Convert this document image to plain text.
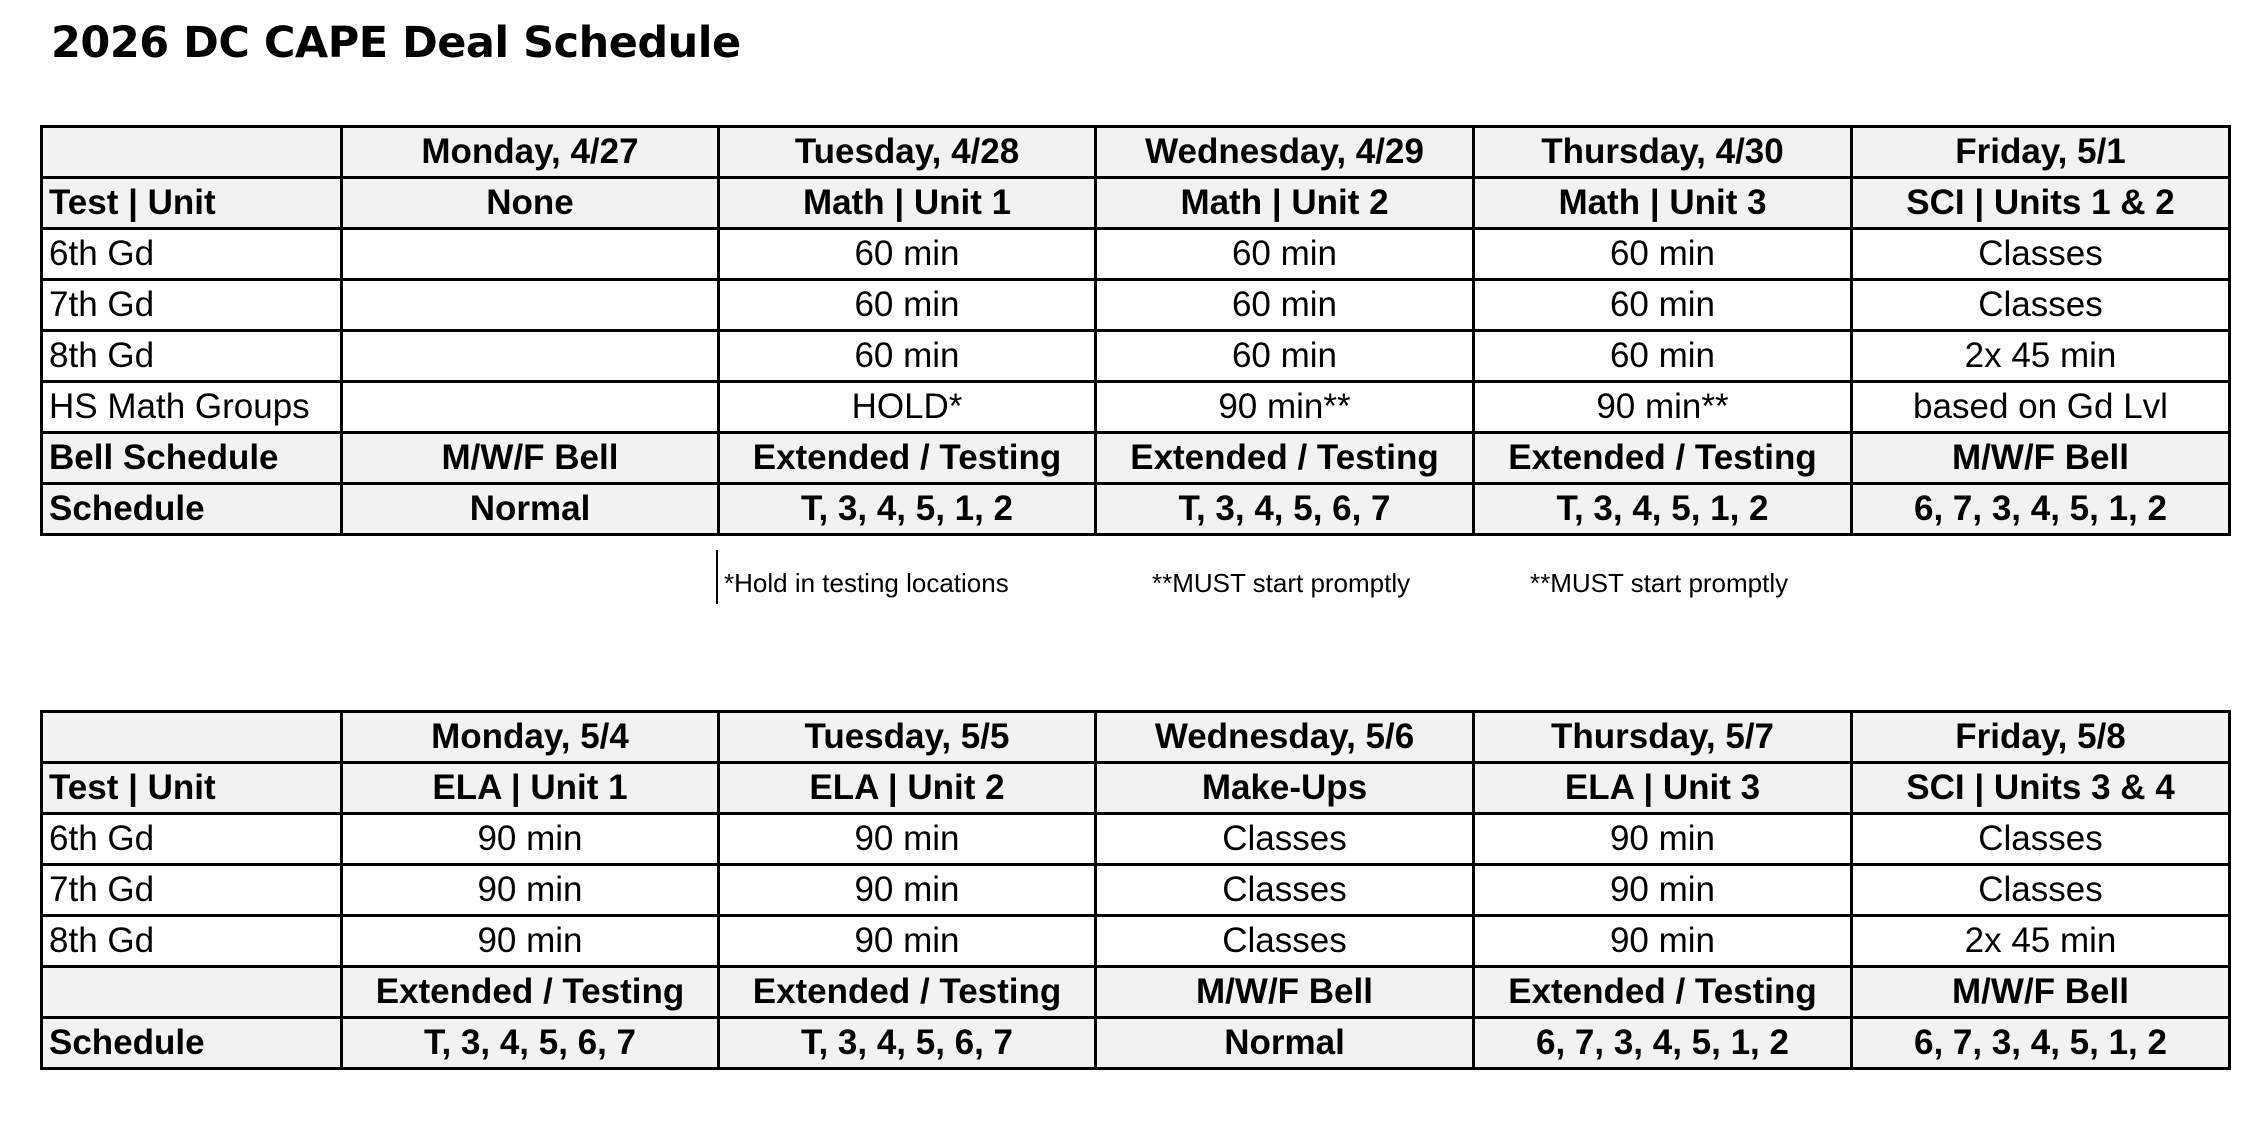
2026 DC CAPE Deal Schedule
	Monday, 4/27	Tuesday, 4/28	Wednesday, 4/29	Thursday, 4/30	Friday, 5/1
Test | Unit	None	Math | Unit 1	Math | Unit 2	Math | Unit 3	SCI | Units 1 & 2
6th Gd		60 min	60 min	60 min	Classes
7th Gd		60 min	60 min	60 min	Classes
8th Gd		60 min	60 min	60 min	2x 45 min
HS Math Groups		HOLD*	90 min**	90 min**	based on Gd Lvl
Bell Schedule	M/W/F Bell	Extended / Testing	Extended / Testing	Extended / Testing	M/W/F Bell
Schedule	Normal	T, 3, 4, 5, 1, 2	T, 3, 4, 5, 6, 7	T, 3, 4, 5, 1, 2	6, 7, 3, 4, 5, 1, 2
*Hold in testing locations	**MUST start promptly	**MUST start promptly
	Monday, 5/4	Tuesday, 5/5	Wednesday, 5/6	Thursday, 5/7	Friday, 5/8
Test | Unit	ELA | Unit 1	ELA | Unit 2	Make-Ups	ELA | Unit 3	SCI | Units 3 & 4
6th Gd	90 min	90 min	Classes	90 min	Classes
7th Gd	90 min	90 min	Classes	90 min	Classes
8th Gd	90 min	90 min	Classes	90 min	2x 45 min
	Extended / Testing	Extended / Testing	M/W/F Bell	Extended / Testing	M/W/F Bell
Schedule	T, 3, 4, 5, 6, 7	T, 3, 4, 5, 6, 7	Normal	6, 7, 3, 4, 5, 1, 2	6, 7, 3, 4, 5, 1, 2
